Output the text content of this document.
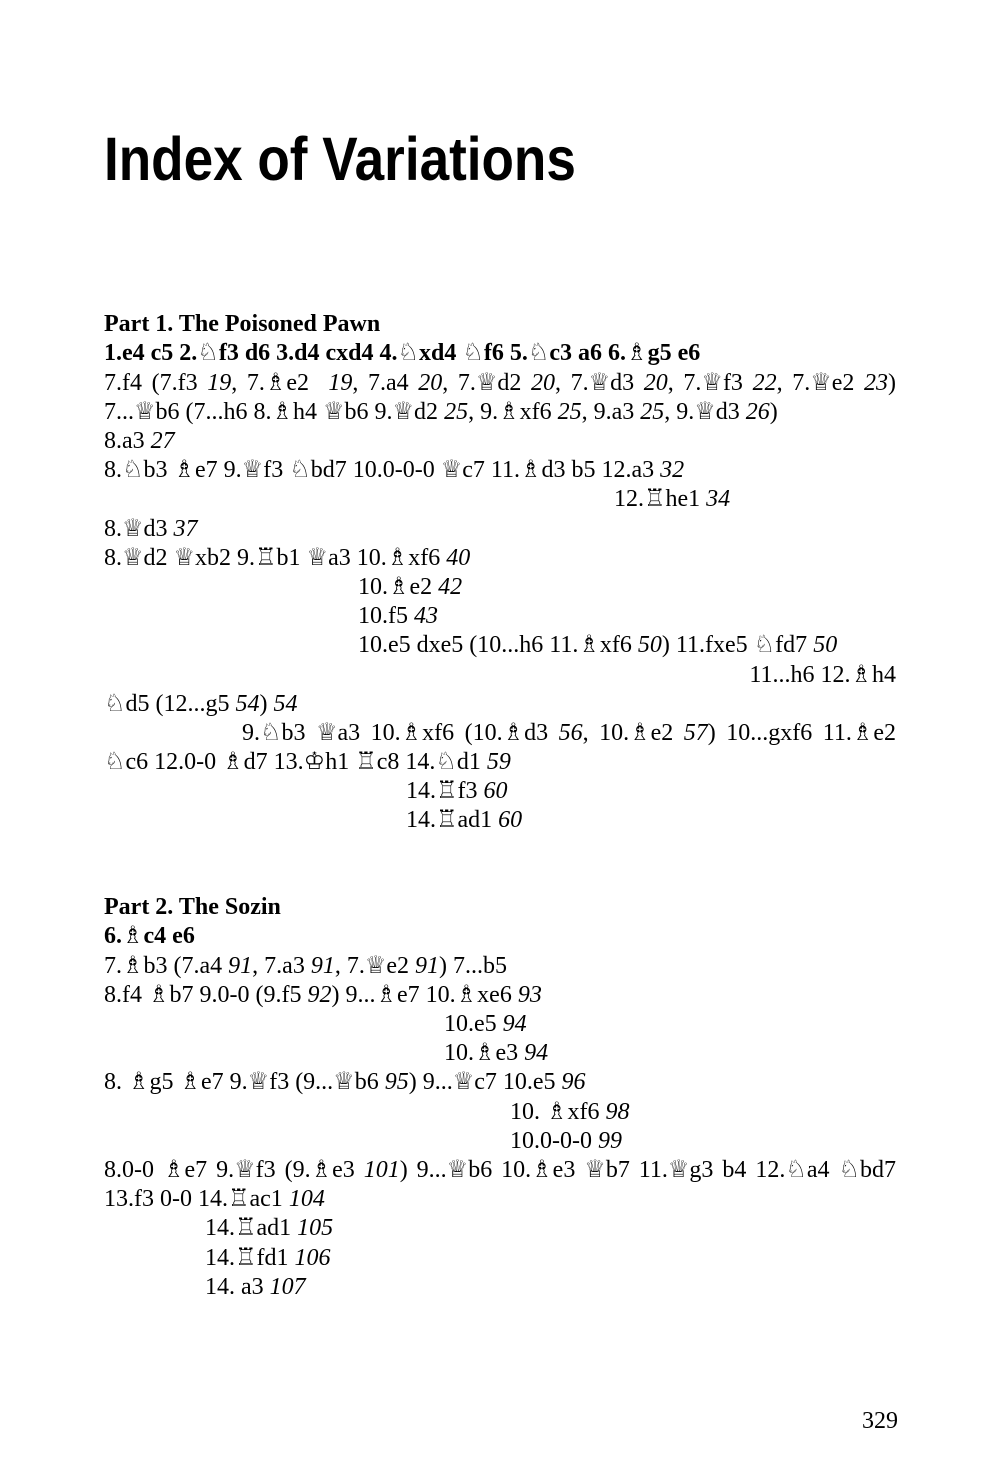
Index of Variations
Part 1. The Poisoned Pawn
1.e4 c5 2.♘f3 d6 3.d4 cxd4 4.♘xd4 ♘f6 5.♘c3 a6 6.♗g5 e6
7.f4 (7.f3 19, 7.♗e2  19, 7.a4 20, 7.♕d2 20, 7.♕d3 20, 7.♕f3 22, 7.♕e2 23)
7...♕b6 (7...h6 8.♗h4 ♕b6 9.♕d2 25, 9.♗xf6 25, 9.a3 25, 9.♕d3 26)
8.a3 27
8.♘b3 ♗e7 9.♕f3 ♘bd7 10.0-0-0 ♕c7 11.♗d3 b5 12.a3 32
12.♖he1 34
8.♕d3 37
8.♕d2 ♕xb2 9.♖b1 ♕a3 10.♗xf6 40
10.♗e2 42
10.f5 43
10.e5 dxe5 (10...h6 11.♗xf6 50) 11.fxe5 ♘fd7 50
11...h6 12.♗h4
♘d5 (12...g5 54) 54
9.♘b3 ♕a3 10.♗xf6 (10.♗d3 56, 10.♗e2 57) 10...gxf6 11.♗e2
♘c6 12.0-0 ♗d7 13.♔h1 ♖c8 14.♘d1 59
14.♖f3 60
14.♖ad1 60
Part 2. The Sozin
6.♗c4 e6
7.♗b3 (7.a4 91, 7.a3 91, 7.♕e2 91) 7...b5
8.f4 ♗b7 9.0-0 (9.f5 92) 9...♗e7 10.♗xe6 93
10.e5 94
10.♗e3 94
8. ♗g5 ♗e7 9.♕f3 (9...♕b6 95) 9...♕c7 10.e5 96
10. ♗xf6 98
10.0-0-0 99
8.0-0 ♗e7 9.♕f3 (9.♗e3 101) 9...♕b6 10.♗e3 ♕b7 11.♕g3 b4 12.♘a4 ♘bd7
13.f3 0-0 14.♖ac1 104
14.♖ad1 105
14.♖fd1 106
14. a3 107
329
